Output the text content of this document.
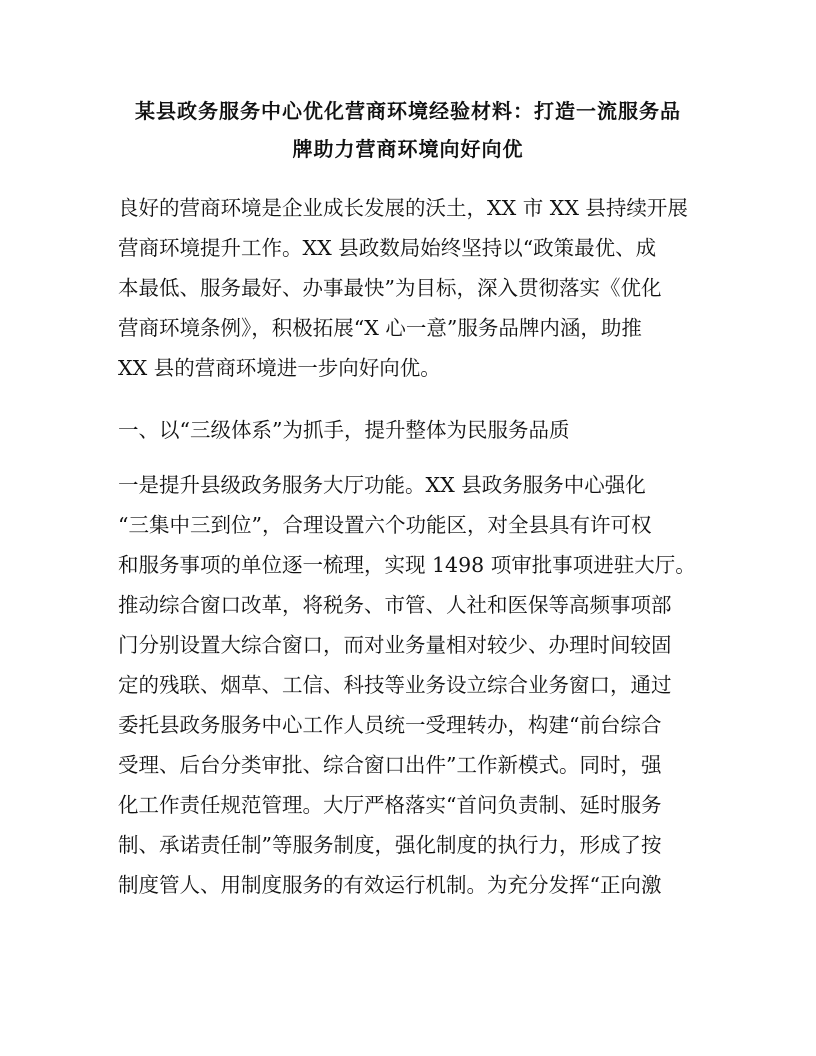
某县政务服务中心优化营商环境经验材料：打造一流服务品
牌助力营商环境向好向优
良好的营商环境是企业成长发展的沃土，XX 市 XX 县持续开展
营商环境提升工作。XX 县政数局始终坚持以“政策最优、成
本最低、服务最好、办事最快”为目标，深入贯彻落实《优化
营商环境条例》，积极拓展“X 心一意”服务品牌内涵，助推
XX 县的营商环境进一步向好向优。
一、以“三级体系”为抓手，提升整体为民服务品质
一是提升县级政务服务大厅功能。XX 县政务服务中心强化
“三集中三到位”，合理设置六个功能区，对全县具有许可权
和服务事项的单位逐一梳理，实现 1498 项审批事项进驻大厅。
推动综合窗口改革，将税务、市管、人社和医保等高频事项部
门分别设置大综合窗口，而对业务量相对较少、办理时间较固
定的残联、烟草、工信、科技等业务设立综合业务窗口，通过
委托县政务服务中心工作人员统一受理转办，构建“前台综合
受理、后台分类审批、综合窗口出件”工作新模式。同时，强
化工作责任规范管理。大厅严格落实“首问负责制、延时服务
制、承诺责任制”等服务制度，强化制度的执行力，形成了按
制度管人、用制度服务的有效运行机制。为充分发挥“正向激
